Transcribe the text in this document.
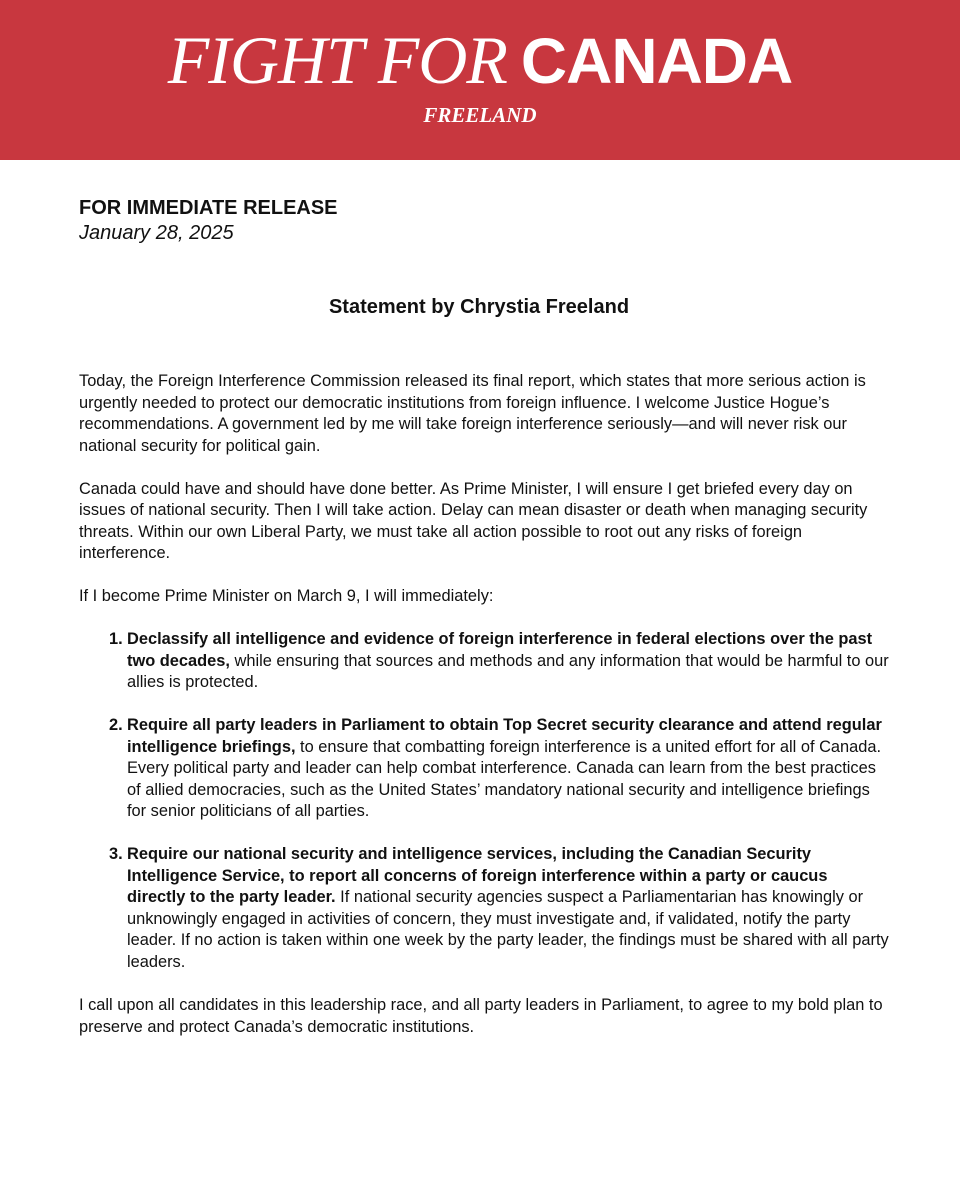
FIGHT FOR CANADA
FREELAND
FOR IMMEDIATE RELEASE
January 28, 2025
Statement by Chrystia Freeland

Today, the Foreign Interference Commission released its final report, which states that more serious action is urgently needed to protect our democratic institutions from foreign influence. I welcome Justice Hogue’s recommendations. A government led by me will take foreign interference seriously—and will never risk our national security for political gain.

Canada could have and should have done better. As Prime Minister, I will ensure I get briefed every day on issues of national security. Then I will take action. Delay can mean disaster or death when managing security threats. Within our own Liberal Party, we must take all action possible to root out any risks of foreign interference.

If I become Prime Minister on March 9, I will immediately:

1. Declassify all intelligence and evidence of foreign interference in federal elections over the past two decades, while ensuring that sources and methods and any information that would be harmful to our allies is protected.
2. Require all party leaders in Parliament to obtain Top Secret security clearance and attend regular intelligence briefings, to ensure that combatting foreign interference is a united effort for all of Canada. Every political party and leader can help combat interference. Canada can learn from the best practices of allied democracies, such as the United States’ mandatory national security and intelligence briefings for senior politicians of all parties.
3. Require our national security and intelligence services, including the Canadian Security Intelligence Service, to report all concerns of foreign interference within a party or caucus directly to the party leader. If national security agencies suspect a Parliamentarian has knowingly or unknowingly engaged in activities of concern, they must investigate and, if validated, notify the party leader. If no action is taken within one week by the party leader, the findings must be shared with all party leaders.

I call upon all candidates in this leadership race, and all party leaders in Parliament, to agree to my bold plan to preserve and protect Canada’s democratic institutions.
